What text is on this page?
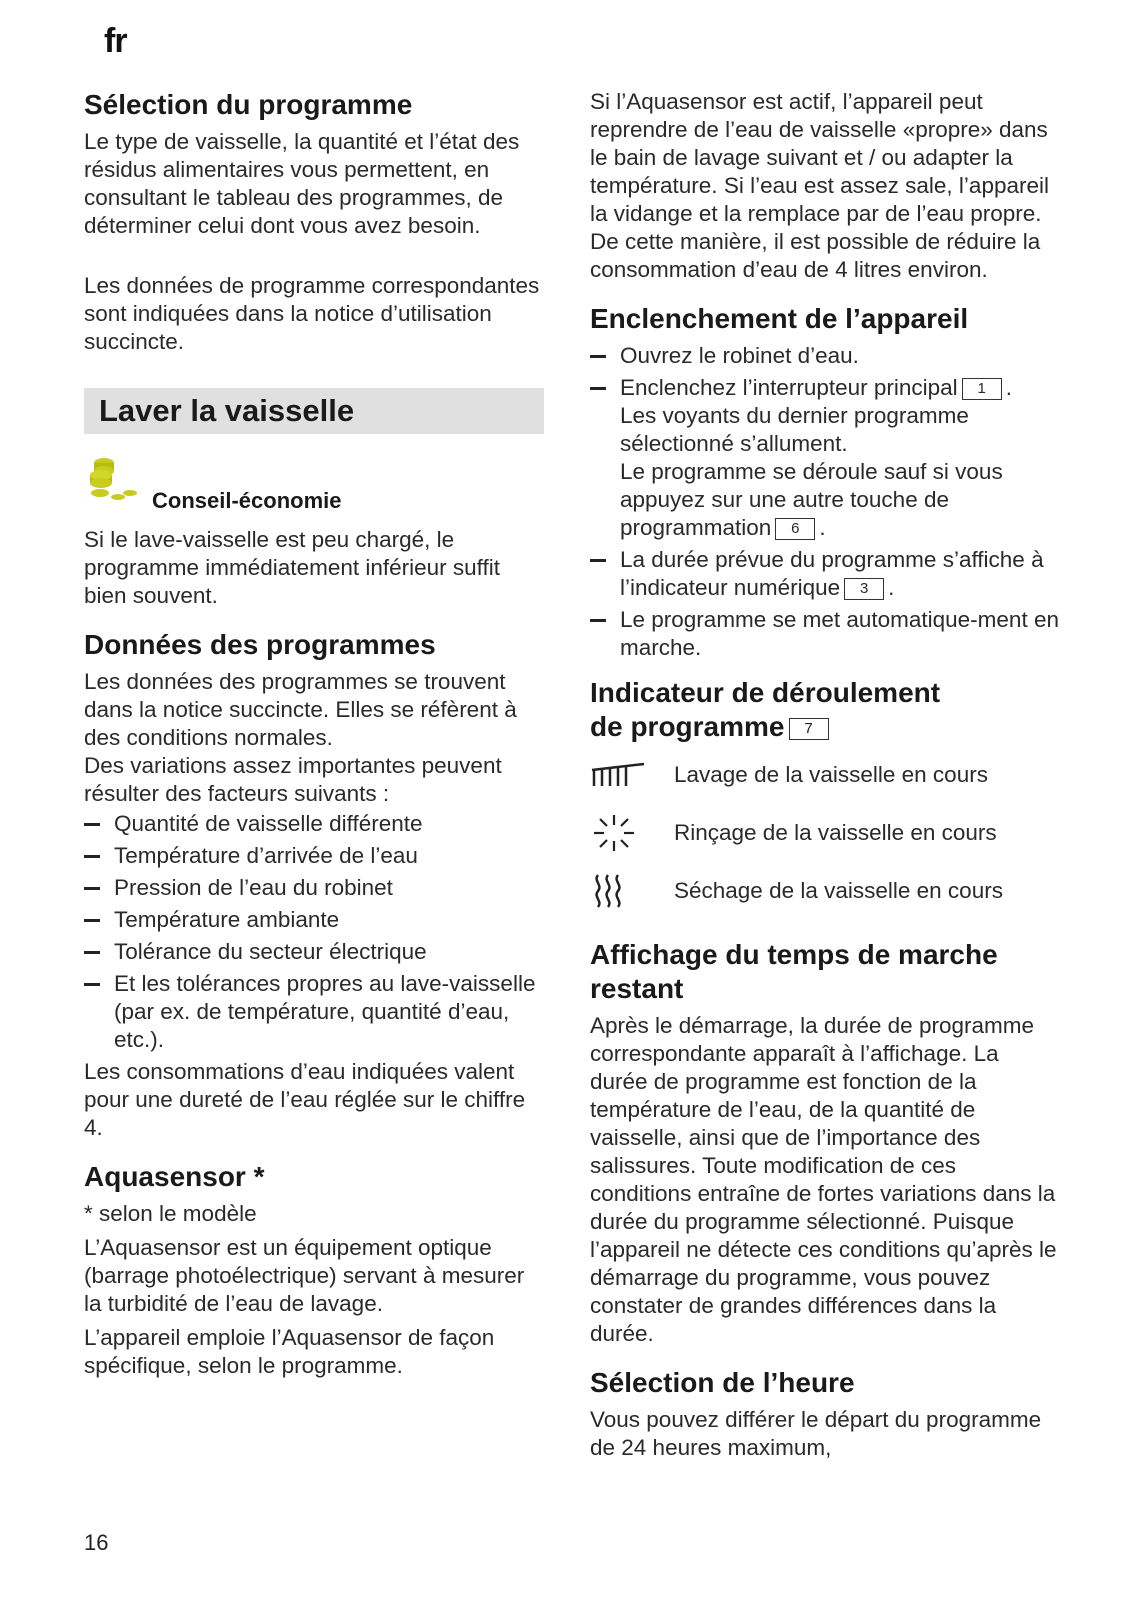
fr
Sélection du programme

Le type de vaisselle, la quantité et l’état des résidus alimentaires vous permettent, en consultant le tableau des programmes, de déterminer celui dont vous avez besoin.

Les données de programme correspondantes sont indiquées dans la notice d’utilisation succincte.

Laver la vaisselle
Conseil-économie

Si le lave-vaisselle est peu chargé, le programme immédiatement inférieur suffit bien souvent.

Données des programmes

Les données des programmes se trouvent dans la notice succincte. Elles se réfèrent à des conditions normales.

Des variations assez importantes peuvent résulter des facteurs suivants :

Quantité de vaisselle différente
Température d’arrivée de l’eau
Pression de l’eau du robinet
Température ambiante
Tolérance du secteur électrique
Et les tolérances propres au lave-vaisselle (par ex. de température, quantité d’eau, etc.).

Les consommations d’eau indiquées valent pour une dureté de l’eau réglée sur le chiffre 4.

Aquasensor *

* selon le modèle

L’Aquasensor est un équipement optique (barrage photoélectrique) servant à mesurer la turbidité de l’eau de lavage.

L’appareil emploie l’Aquasensor de façon spécifique, selon le programme.

Si l’Aquasensor est actif, l’appareil peut reprendre de l’eau de vaisselle «propre» dans le bain de lavage suivant et / ou adapter la température. Si l’eau est assez sale, l’appareil la vidange et la remplace par de l’eau propre. De cette manière, il est possible de réduire la consommation d’eau de 4 litres environ.

Enclenchement de l’appareil
Ouvrez le robinet d’eau.
Enclenchez l’interrupteur principal 1 .
Les voyants du dernier programme sélectionné s’allument.
Le programme se déroule sauf si vous appuyez sur une autre touche de programmation 6 .
La durée prévue du programme s’affiche à l’indicateur numérique 3 .
Le programme se met automatique-ment en marche.
Indicateur de déroulement
de programme 7
Lavage de la vaisselle en cours
Rinçage de la vaisselle en cours
Séchage de la vaisselle en cours
Affichage du temps de marche restant

Après le démarrage, la durée de programme correspondante apparaît à l’affichage. La durée de programme est fonction de la température de l’eau, de la quantité de vaisselle, ainsi que de l’importance des salissures. Toute modification de ces conditions entraîne de fortes variations dans la durée du programme sélectionné. Puisque l’appareil ne détecte ces conditions qu’après le démarrage du programme, vous pouvez constater de grandes différences dans la durée.

Sélection de l’heure

Vous pouvez différer le départ du programme de 24 heures maximum,

16
